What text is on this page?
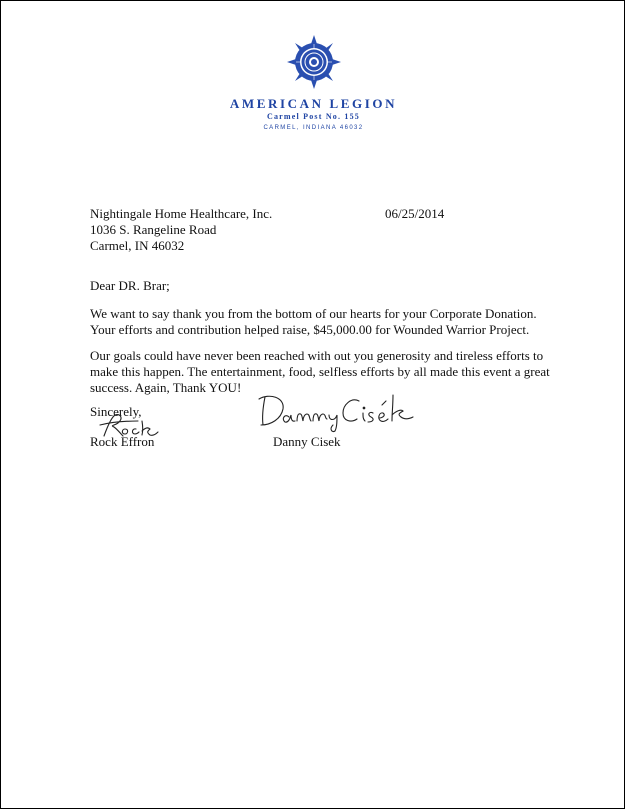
AMERICAN LEGION
Carmel Post No. 155
CARMEL, INDIANA 46032
Nightingale Home Healthcare, Inc.
1036 S. Rangeline Road
Carmel, IN 46032
06/25/2014
Dear DR. Brar;
We want to say thank you from the bottom of our hearts for your Corporate Donation.
Your efforts and contribution helped raise, $45,000.00 for Wounded Warrior Project.
Our goals could have never been reached with out you generosity and tireless efforts to
make this happen. The entertainment, food, selfless efforts by all made this event a great
success. Again, Thank YOU!
Sincerely,
Rock Effron	Danny Cisek
